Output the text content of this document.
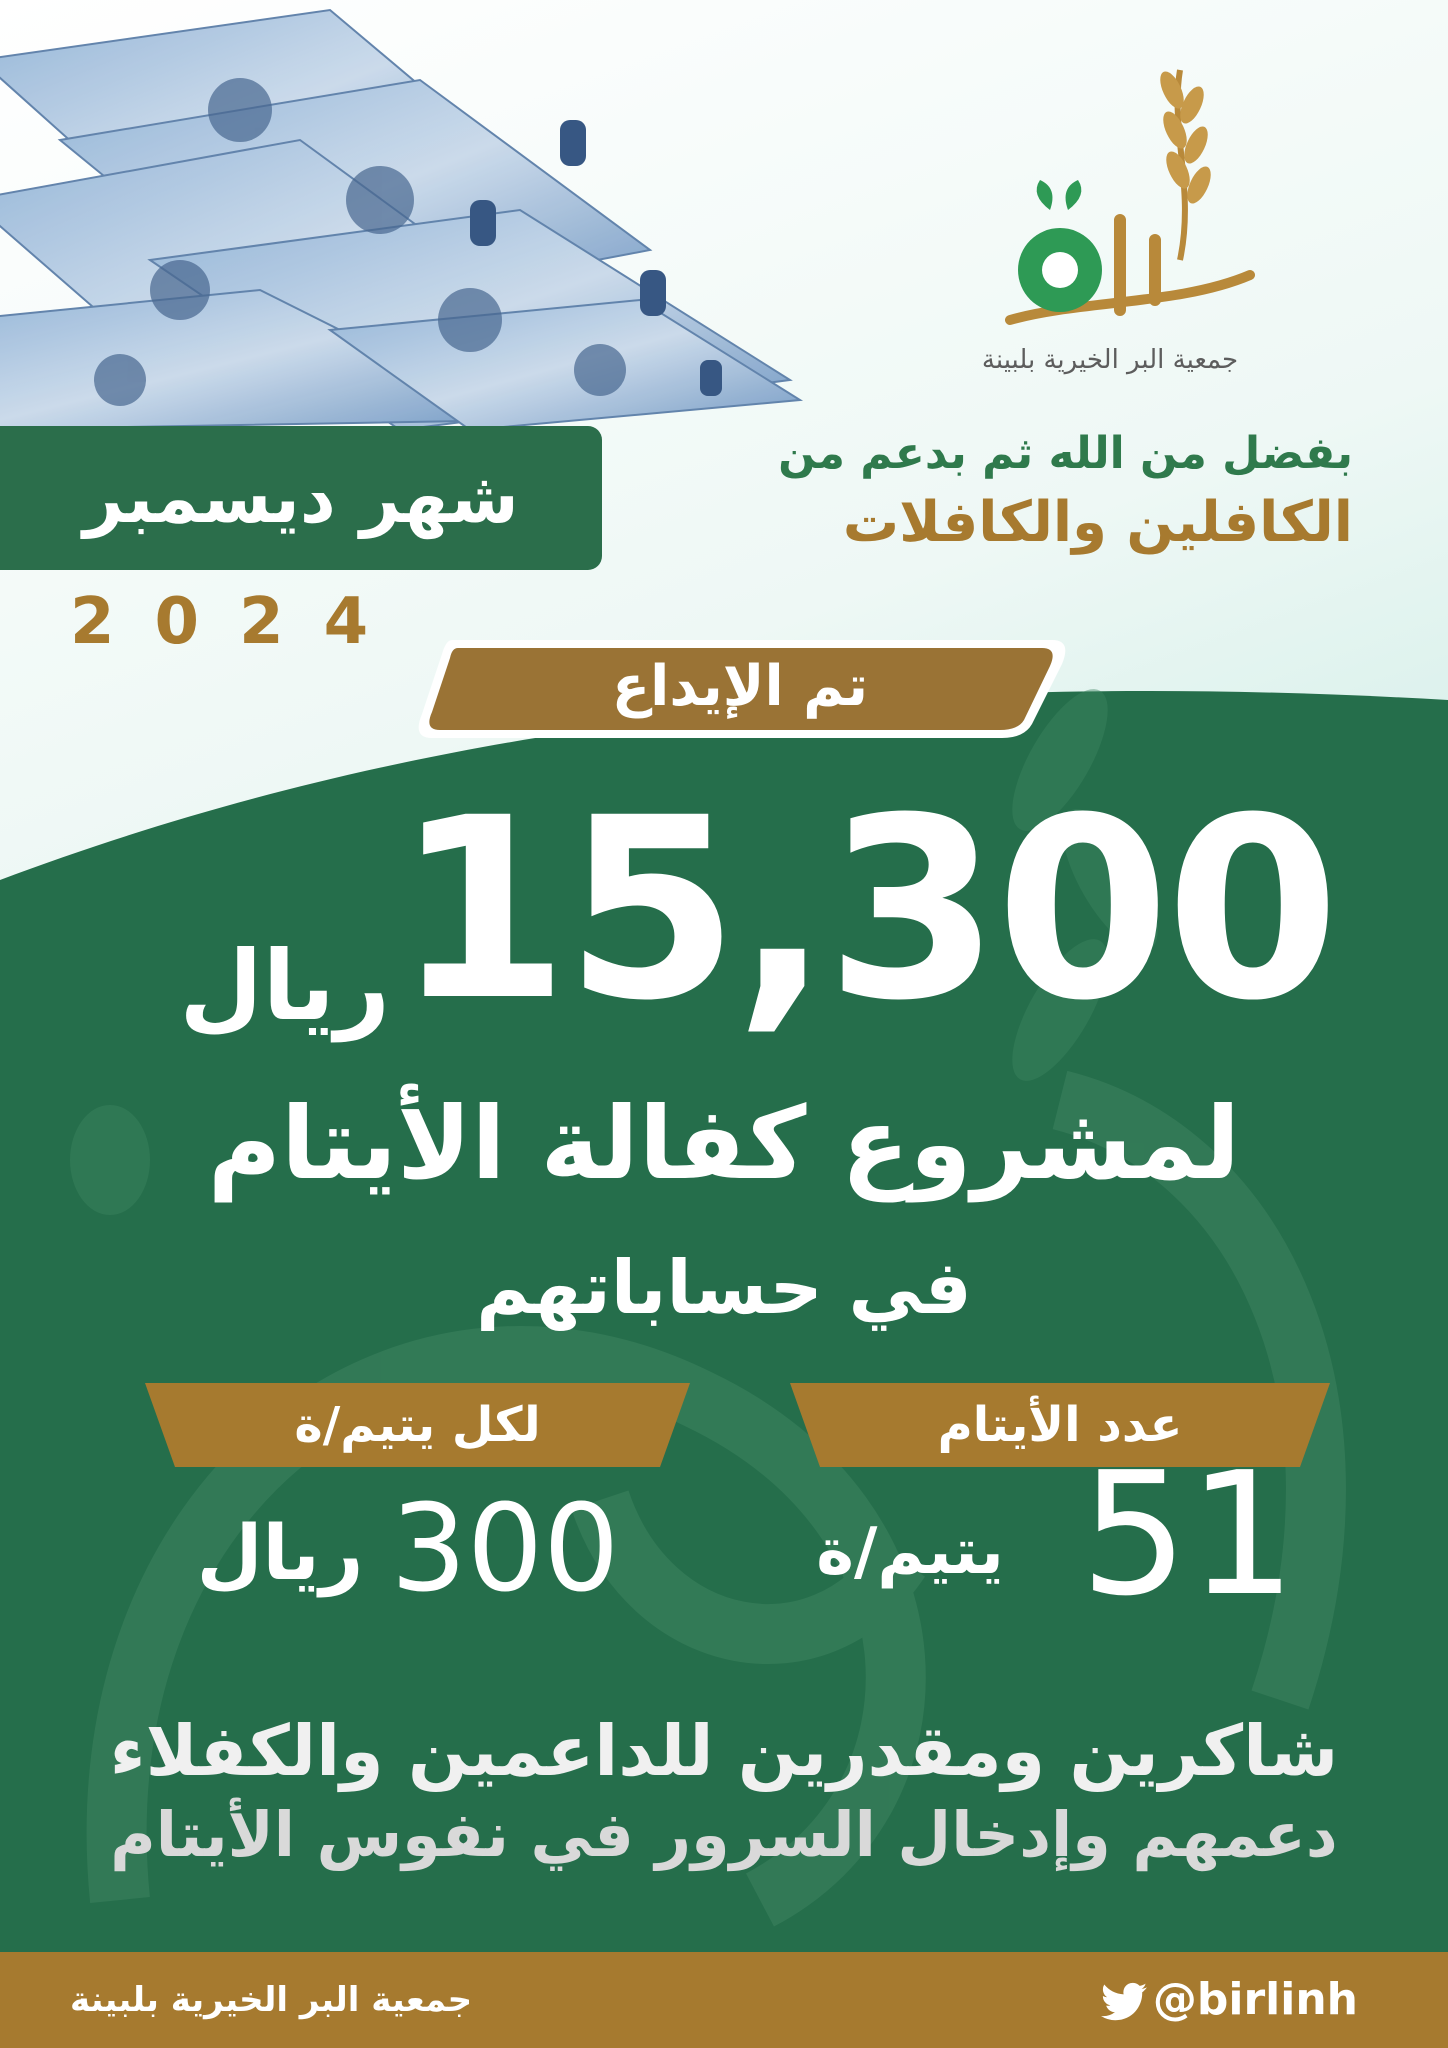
جمعية البر الخيرية بلبينة
بفضل من الله ثم بدعم من
الكافلين والكافلات
شهر ديسمبر
2024
تم الإيداع
15,300
ريال
لمشروع كفالة الأيتام
في حساباتهم
عدد الأيتام
لكل يتيم/ة
51
يتيم/ة
300
ريال
شاكرين ومقدرين للداعمين والكفلاء
دعمهم وإدخال السرور في نفوس الأيتام
جمعية البر الخيرية بلبينة	@birlinh
